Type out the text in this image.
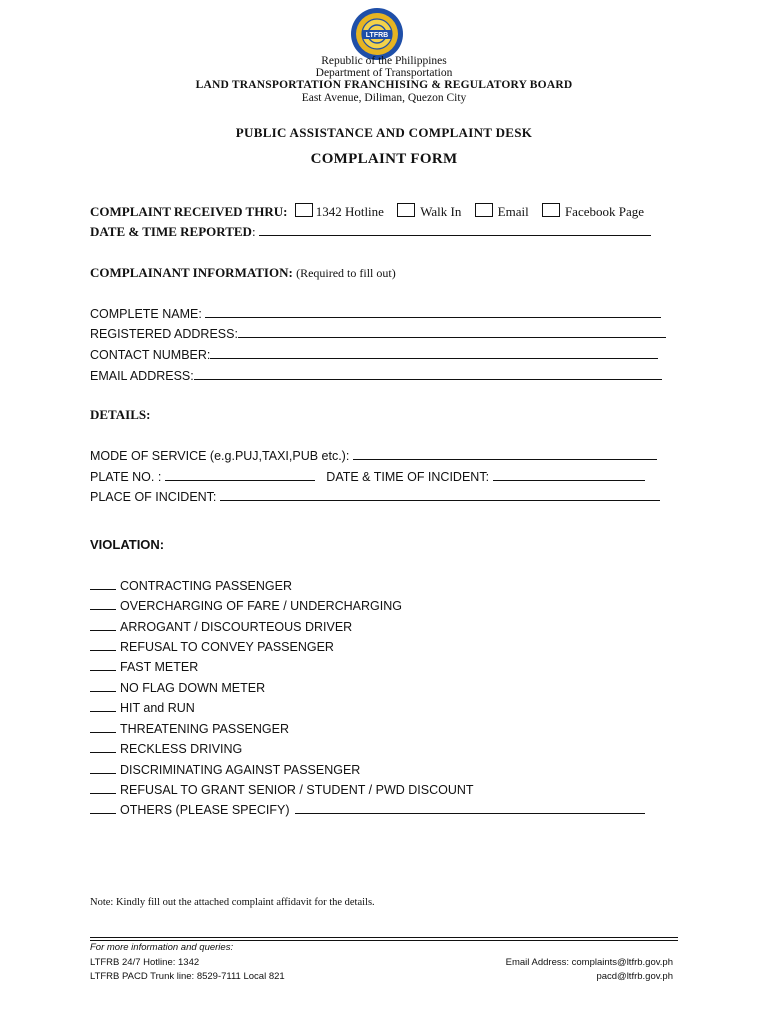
LTFRB
Republic of the Philippines
Department of Transportation
LAND TRANSPORTATION FRANCHISING & REGULATORY BOARD
East Avenue, Diliman, Quezon City
PUBLIC ASSISTANCE AND COMPLAINT DESK
COMPLAINT FORM
COMPLAINT RECEIVED THRU: 1342 Hotline	Walk In	Email	Facebook Page
DATE & TIME REPORTED:
COMPLAINANT INFORMATION: (Required to fill out)
COMPLETE NAME:
REGISTERED ADDRESS:
CONTACT NUMBER:
EMAIL ADDRESS:
DETAILS:
MODE OF SERVICE (e.g.PUJ,TAXI,PUB etc.):
PLATE NO. :	DATE & TIME OF INCIDENT:
PLACE OF INCIDENT:
VIOLATION:
CONTRACTING PASSENGER
OVERCHARGING OF FARE / UNDERCHARGING
ARROGANT / DISCOURTEOUS DRIVER
REFUSAL TO CONVEY PASSENGER
FAST METER
NO FLAG DOWN METER
HIT and RUN
THREATENING PASSENGER
RECKLESS DRIVING
DISCRIMINATING AGAINST PASSENGER
REFUSAL TO GRANT SENIOR / STUDENT / PWD DISCOUNT
OTHERS (PLEASE SPECIFY)
Note: Kindly fill out the attached complaint affidavit for the details.
For more information and queries:
LTFRB 24/7 Hotline: 1342
LTFRB PACD Trunk line: 8529-7111 Local 821
Email Address: complaints@ltfrb.gov.ph
pacd@ltfrb.gov.ph
